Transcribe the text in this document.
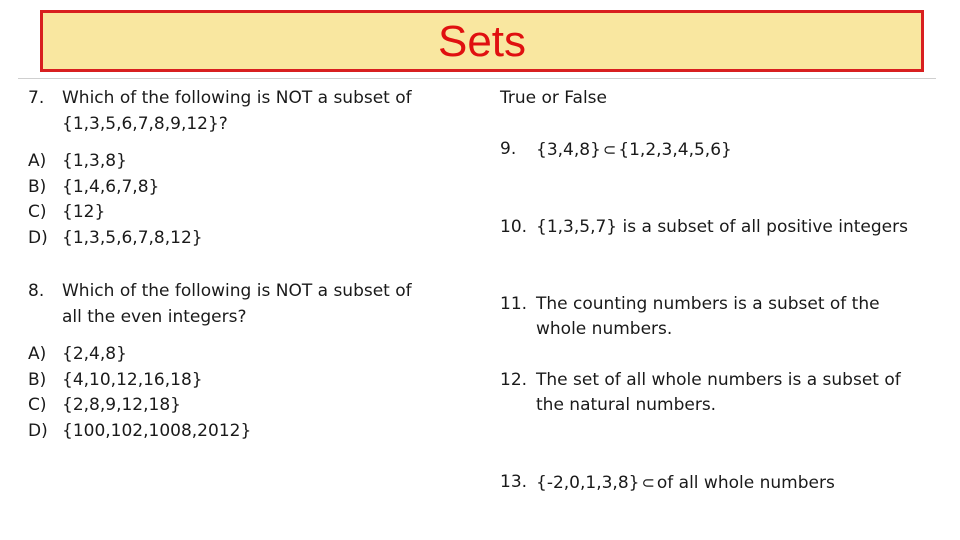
Sets
7.	Which of the following is NOT a subset of
{1,3,5,6,7,8,9,12}?
A) {1,3,8}
B) {1,4,6,7,8}
C) {12}
D) {1,3,5,6,7,8,12}
8.	Which of the following is NOT a subset of
all the even integers?
A) {2,4,8}
B) {4,10,12,16,18}
C) {2,8,9,12,18}
D) {100,102,1008,2012}
True or False
9.	{3,4,8} ⊂ {1,2,3,4,5,6}
10. {1,3,5,7} is a subset of all positive integers
11. The counting numbers is a subset of the
whole numbers.
12. The set of all whole numbers is a subset of
the natural numbers.
13. {-2,0,1,3,8} ⊂ of all whole numbers
